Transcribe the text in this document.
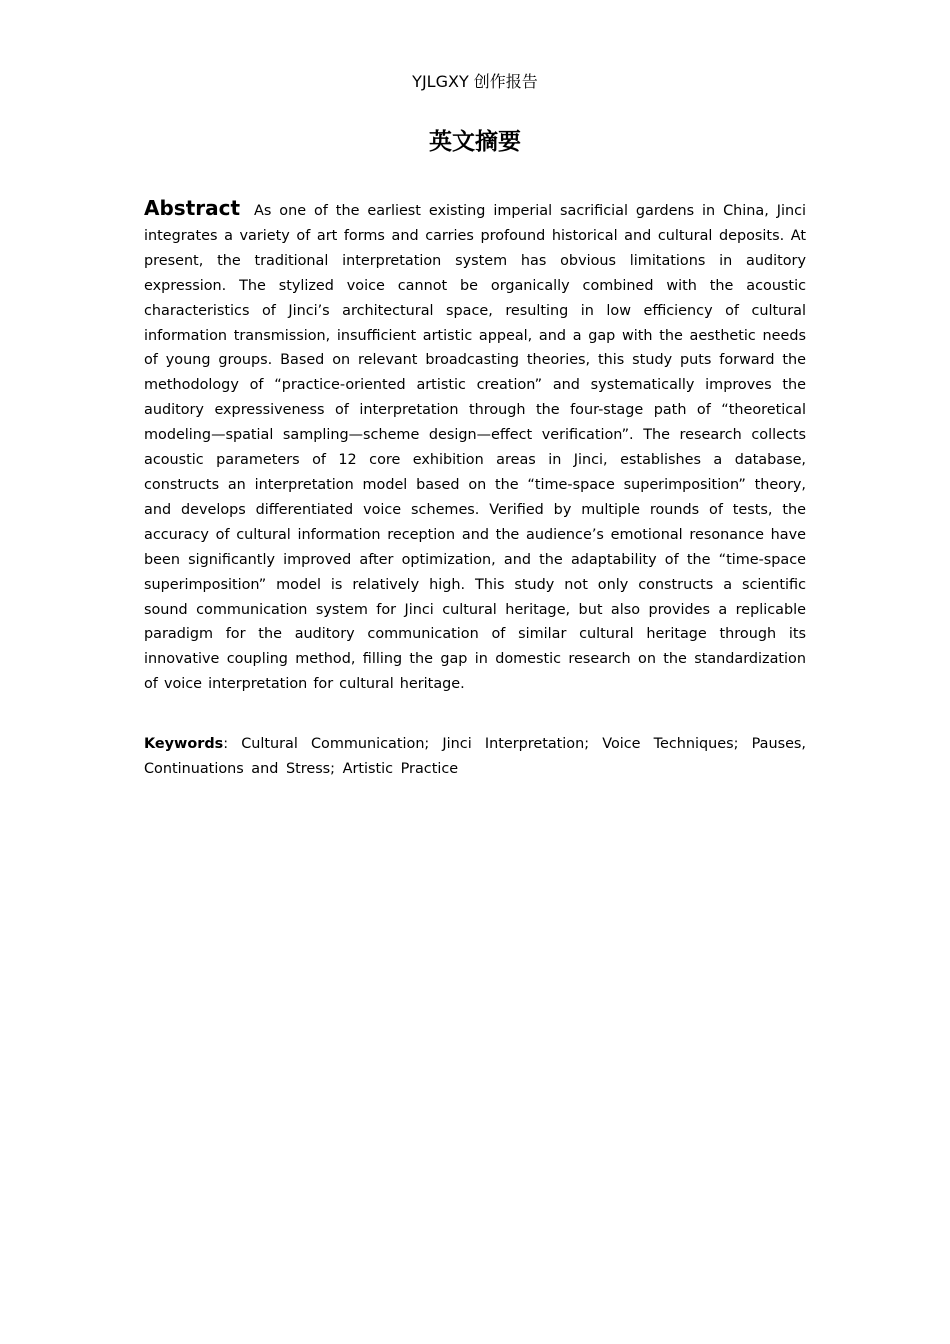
YJLGXY 创作报告
英文摘要

Abstract As one of the earliest existing imperial sacrificial gardens in China, Jinci integrates a variety of art forms and carries profound historical and cultural deposits. At present, the traditional interpretation system has obvious limitations in auditory expression. The stylized voice cannot be organically combined with the acoustic characteristics of Jinci’s architectural space, resulting in low efficiency of cultural information transmission, insufficient artistic appeal, and a gap with the aesthetic needs of young groups. Based on relevant broadcasting theories, this study puts forward the methodology of “practice-oriented artistic creation” and systematically improves the auditory expressiveness of interpretation through the four-stage path of “theoretical modeling—spatial sampling—scheme design—effect verification”. The research collects acoustic parameters of 12 core exhibition areas in Jinci, establishes a database, constructs an interpretation model based on the “time-space superimposition” theory, and develops differentiated voice schemes. Verified by multiple rounds of tests, the accuracy of cultural information reception and the audience’s emotional resonance have been significantly improved after optimization, and the adaptability of the “time-space superimposition” model is relatively high. This study not only constructs a scientific sound communication system for Jinci cultural heritage, but also provides a replicable paradigm for the auditory communication of similar cultural heritage through its innovative coupling method, filling the gap in domestic research on the standardization of voice interpretation for cultural heritage.

Keywords: Cultural Communication; Jinci Interpretation; Voice Techniques; Pauses, Continuations and Stress; Artistic Practice
